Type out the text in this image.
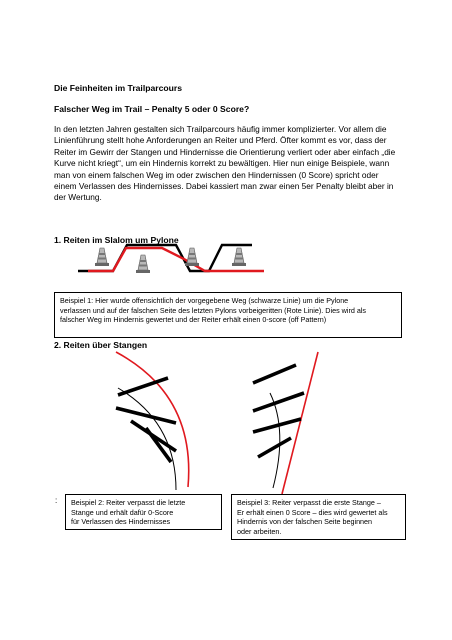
Die Feinheiten im Trailparcours
Falscher Weg im Trail – Penalty 5 oder 0 Score?
In den letzten Jahren gestalten sich Trailparcours häufig immer komplizierter. Vor allem die
Linienführung stellt hohe Anforderungen an Reiter und Pferd. Öfter kommt es vor, dass der
Reiter im Gewirr der Stangen und Hindernisse die Orientierung verliert oder aber einfach „die
Kurve nicht kriegt“, um ein Hindernis korrekt zu bewältigen. Hier nun einige Beispiele, wann
man von einem falschen Weg im oder zwischen den Hindernissen (0 Score) spricht oder
einem Verlassen des Hindernisses. Dabei kassiert man zwar einen 5er Penalty bleibt aber in
der Wertung.
1. Reiten im Slalom um Pylone
Beispiel 1: Hier wurde offensichtlich der vorgegebene Weg (schwarze Linie) um die Pylone
verlassen und auf der falschen Seite des letzten Pylons vorbeigeritten (Rote Linie). Dies wird als
falscher Weg im Hindernis gewertet und der Reiter erhält einen 0-score (off Pattern)
2. Reiten über Stangen
: Beispiel 2: Reiter verpasst die letzte
Stange und erhält dafür 0-Score
für Verlassen des Hindernisses
Beispiel 3: Reiter verpasst die erste Stange –
Er erhält einen 0 Score – dies wird gewertet als
Hindernis von der falschen Seite beginnen
oder arbeiten.
